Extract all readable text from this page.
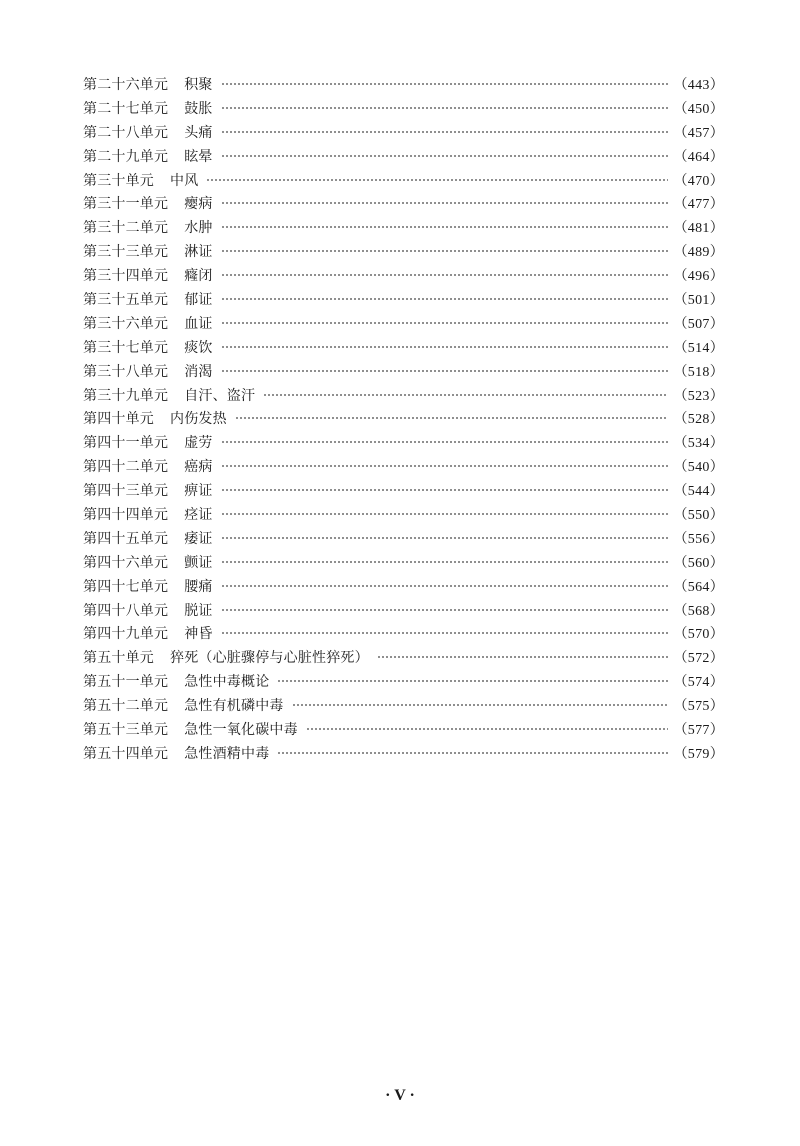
第二十六单元 积聚	（443）
第二十七单元 鼓胀	（450）
第二十八单元 头痛	（457）
第二十九单元 眩晕	（464）
第三十单元 中风	（470）
第三十一单元 瘿病	（477）
第三十二单元 水肿	（481）
第三十三单元 淋证	（489）
第三十四单元 癃闭	（496）
第三十五单元 郁证	（501）
第三十六单元 血证	（507）
第三十七单元 痰饮	（514）
第三十八单元 消渴	（518）
第三十九单元 自汗、盗汗	（523）
第四十单元 内伤发热	（528）
第四十一单元 虚劳	（534）
第四十二单元 癌病	（540）
第四十三单元 痹证	（544）
第四十四单元 痉证	（550）
第四十五单元 痿证	（556）
第四十六单元 颤证	（560）
第四十七单元 腰痛	（564）
第四十八单元 脱证	（568）
第四十九单元 神昏	（570）
第五十单元 猝死（心脏骤停与心脏性猝死）	（572）
第五十一单元 急性中毒概论	（574）
第五十二单元 急性有机磷中毒	（575）
第五十三单元 急性一氧化碳中毒	（577）
第五十四单元 急性酒精中毒	（579）
· V ·
